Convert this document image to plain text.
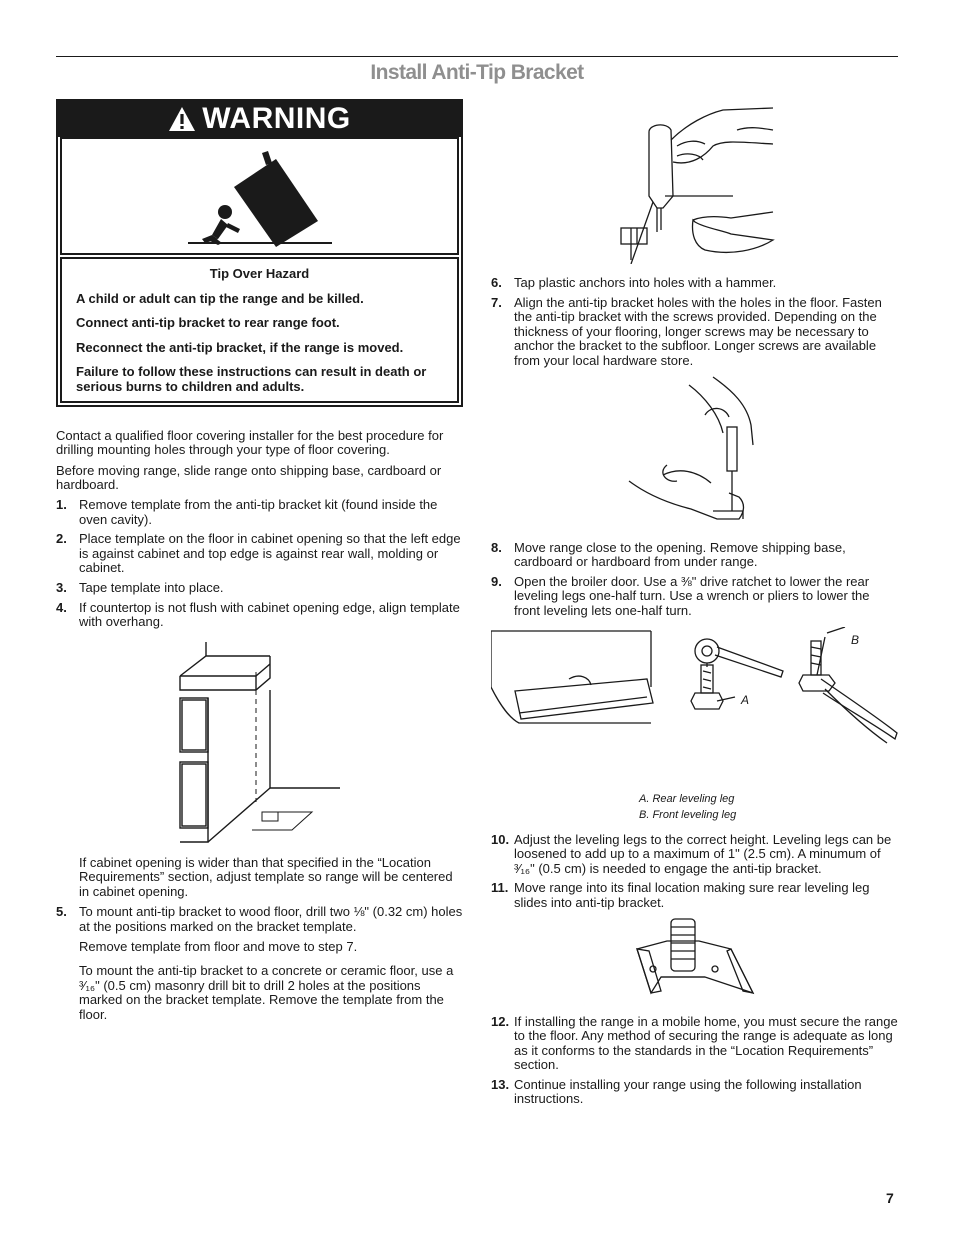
Install Anti-Tip Bracket
WARNING

Tip Over Hazard

A child or adult can tip the range and be killed.

Connect anti-tip bracket to rear range foot.

Reconnect the anti-tip bracket, if the range is moved.

Failure to follow these instructions can result in death or serious burns to children and adults.

Contact a qualified floor covering installer for the best procedure for drilling mounting holes through your type of floor covering.

Before moving range, slide range onto shipping base, cardboard or hardboard.

1. Remove template from the anti-tip bracket kit (found inside the oven cavity).
2. Place template on the floor in cabinet opening so that the left edge is against cabinet and top edge is against rear wall, molding or cabinet.
3. Tape template into place.
4. If countertop is not flush with cabinet opening edge, align template with overhang.

If cabinet opening is wider than that specified in the “Location Requirements” section, adjust template so range will be centered in cabinet opening.

5. To mount anti-tip bracket to wood floor, drill two ⅛" (0.32 cm) holes at the positions marked on the bracket template.

Remove template from floor and move to step 7.

To mount the anti-tip bracket to a concrete or ceramic floor, use a ³⁄₁₆" (0.5 cm) masonry drill bit to drill 2 holes at the positions marked on the bracket template. Remove the template from the floor.

6. Tap plastic anchors into holes with a hammer.
7. Align the anti-tip bracket holes with the holes in the floor. Fasten the anti-tip bracket with the screws provided. Depending on the thickness of your flooring, longer screws may be necessary to anchor the bracket to the subfloor. Longer screws are available from your local hardware store.
8. Move range close to the opening. Remove shipping base, cardboard or hardboard from under range.
9. Open the broiler door. Use a ⅜" drive ratchet to lower the rear leveling legs one-half turn. Use a wrench or pliers to lower the front leveling lets one-half turn.
A
B
A. Rear leveling leg
B. Front leveling leg
10. Adjust the leveling legs to the correct height. Leveling legs can be loosened to add up to a maximum of 1" (2.5 cm). A minumum of ³⁄₁₆" (0.5 cm) is needed to engage the anti-tip bracket.
11. Move range into its final location making sure rear leveling leg slides into anti-tip bracket.
12. If installing the range in a mobile home, you must secure the range to the floor. Any method of securing the range is adequate as long as it conforms to the standards in the “Location Requirements” section.
13. Continue installing your range using the following installation instructions.
7
